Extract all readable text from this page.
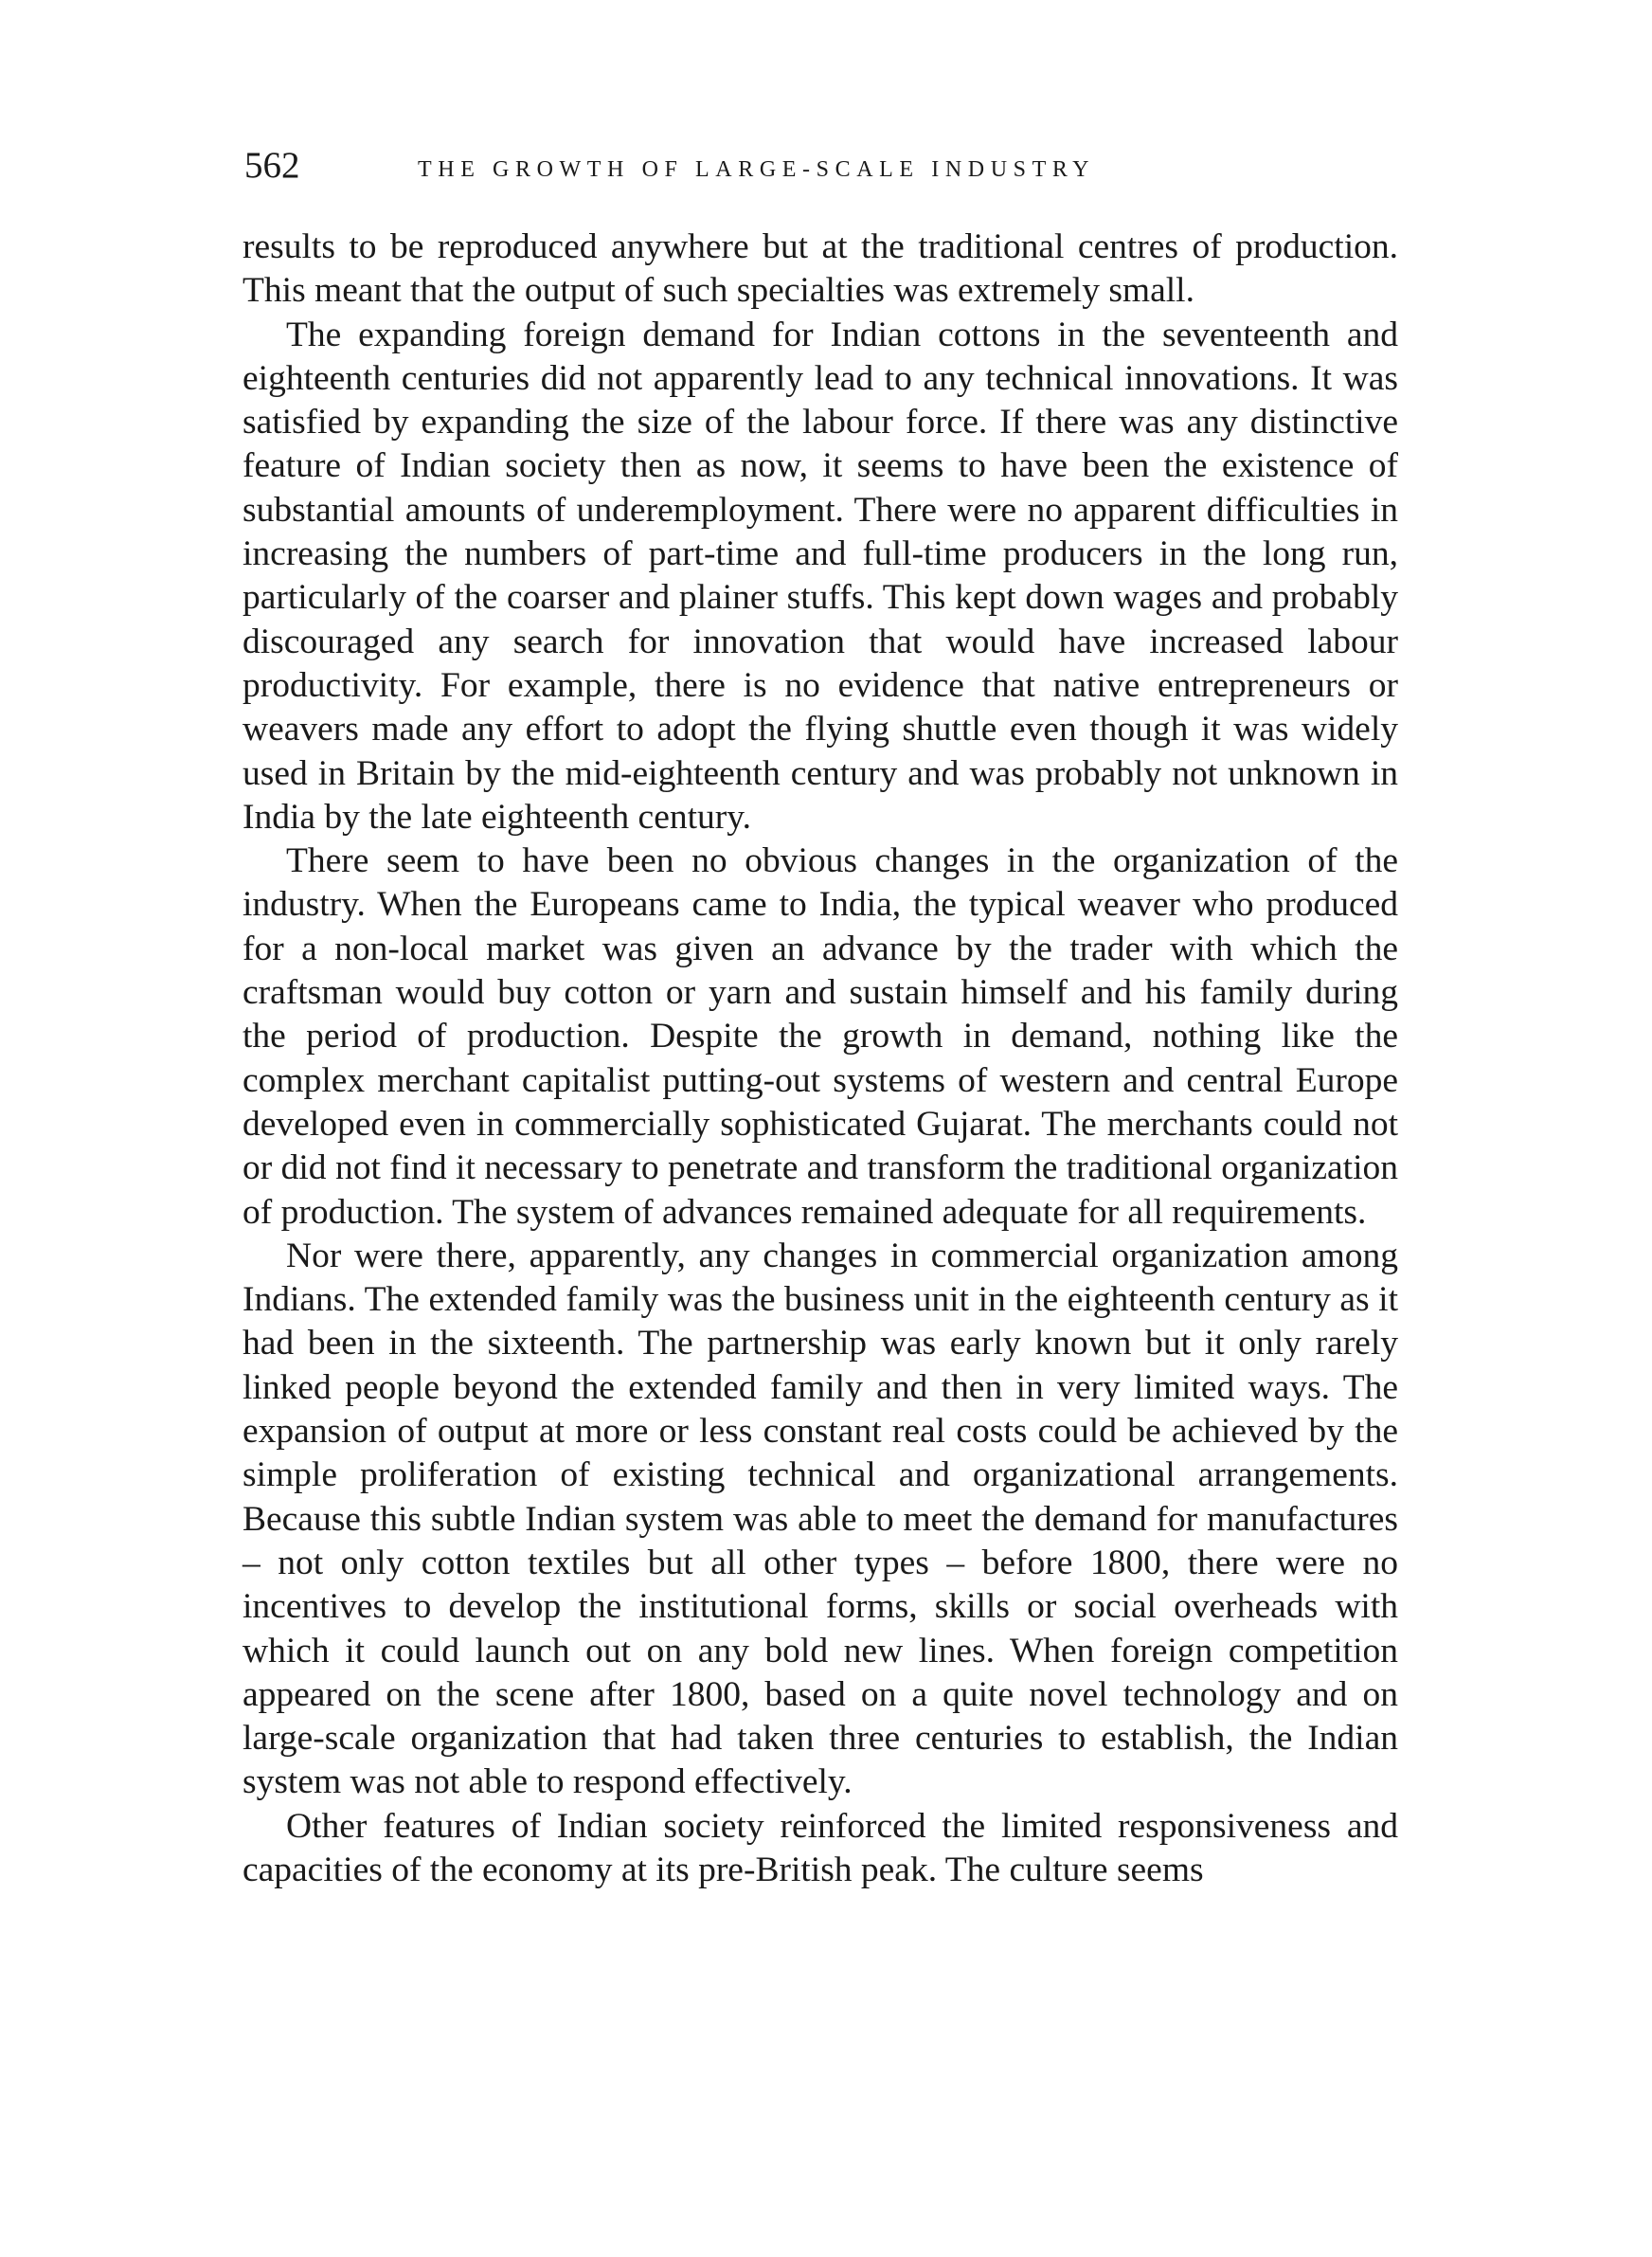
562	THE GROWTH OF LARGE-SCALE INDUSTRY

results to be reproduced anywhere but at the traditional centres of production. This meant that the output of such specialties was extremely small.

The expanding foreign demand for Indian cottons in the seventeenth and eighteenth centuries did not apparently lead to any technical innovations. It was satisfied by expanding the size of the labour force. If there was any distinctive feature of Indian society then as now, it seems to have been the existence of substantial amounts of underemployment. There were no apparent difficulties in increasing the numbers of part-time and full-time producers in the long run, particularly of the coarser and plainer stuffs. This kept down wages and probably discouraged any search for innovation that would have increased labour productivity. For example, there is no evidence that native entrepreneurs or weavers made any effort to adopt the flying shuttle even though it was widely used in Britain by the mid-eighteenth century and was probably not unknown in India by the late eighteenth century.

There seem to have been no obvious changes in the organization of the industry. When the Europeans came to India, the typical weaver who produced for a non-local market was given an advance by the trader with which the craftsman would buy cotton or yarn and sustain himself and his family during the period of production. Despite the growth in demand, nothing like the complex merchant capitalist putting-out systems of western and central Europe developed even in commercially sophisticated Gujarat. The merchants could not or did not find it necessary to penetrate and transform the traditional organization of production. The system of advances remained adequate for all requirements.

Nor were there, apparently, any changes in commercial organization among Indians. The extended family was the business unit in the eighteenth century as it had been in the sixteenth. The partnership was early known but it only rarely linked people beyond the extended family and then in very limited ways. The expansion of output at more or less constant real costs could be achieved by the simple proliferation of existing technical and organizational arrangements. Because this subtle Indian system was able to meet the demand for manufactures – not only cotton textiles but all other types – before 1800, there were no incentives to develop the institutional forms, skills or social overheads with which it could launch out on any bold new lines. When foreign competition appeared on the scene after 1800, based on a quite novel technology and on large-scale organization that had taken three centuries to establish, the Indian system was not able to respond effectively.

Other features of Indian society reinforced the limited responsiveness and capacities of the economy at its pre-British peak. The culture seems
